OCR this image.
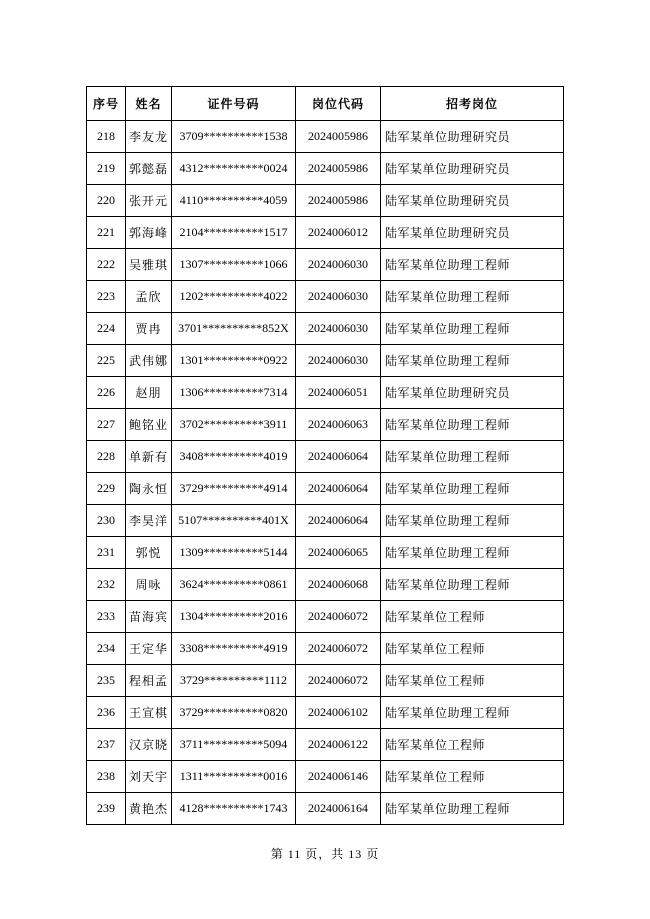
序号	姓名	证件号码	岗位代码	招考岗位
218	李友龙	3709**********1538	2024005986	陆军某单位助理研究员
219	郭懿磊	4312**********0024	2024005986	陆军某单位助理研究员
220	张开元	4110**********4059	2024005986	陆军某单位助理研究员
221	郭海峰	2104**********1517	2024006012	陆军某单位助理研究员
222	吴雅琪	1307**********1066	2024006030	陆军某单位助理工程师
223	孟欣	1202**********4022	2024006030	陆军某单位助理工程师
224	贾冉	3701**********852X	2024006030	陆军某单位助理工程师
225	武伟娜	1301**********0922	2024006030	陆军某单位助理工程师
226	赵朋	1306**********7314	2024006051	陆军某单位助理研究员
227	鲍铭业	3702**********3911	2024006063	陆军某单位助理工程师
228	单新有	3408**********4019	2024006064	陆军某单位助理工程师
229	陶永恒	3729**********4914	2024006064	陆军某单位助理工程师
230	李昊洋	5107**********401X	2024006064	陆军某单位助理工程师
231	郭悦	1309**********5144	2024006065	陆军某单位助理工程师
232	周咏	3624**********0861	2024006068	陆军某单位助理工程师
233	苗海宾	1304**********2016	2024006072	陆军某单位工程师
234	王定华	3308**********4919	2024006072	陆军某单位工程师
235	程相孟	3729**********1112	2024006072	陆军某单位工程师
236	王宣棋	3729**********0820	2024006102	陆军某单位助理工程师
237	汉京晓	3711**********5094	2024006122	陆军某单位工程师
238	刘天宇	1311**********0016	2024006146	陆军某单位工程师
239	黄艳杰	4128**********1743	2024006164	陆军某单位助理工程师
第 11 页，共 13 页
